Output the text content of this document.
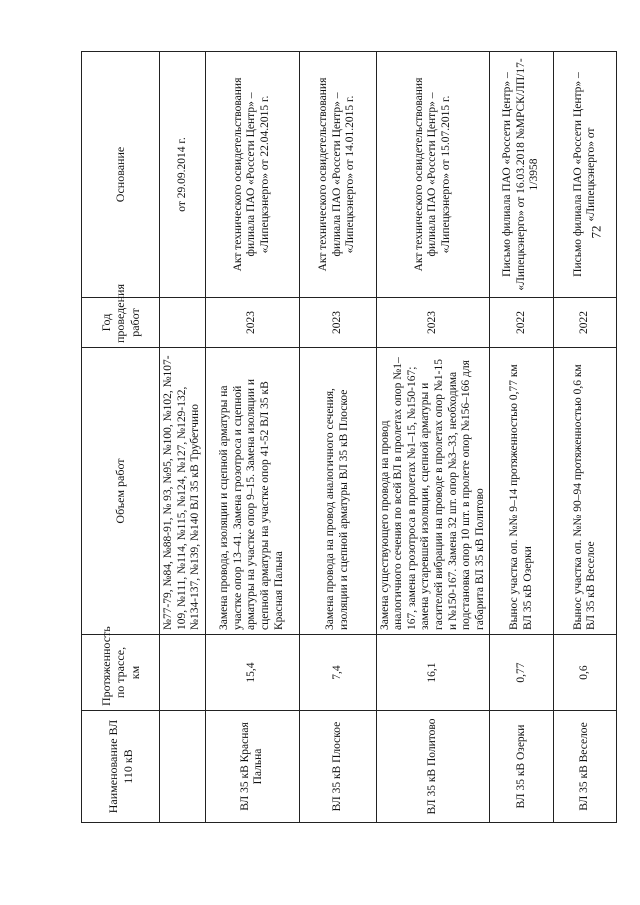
Наименование ВЛ 110 кВ	Протяженность по трассе, км	Объем работ	Год проведения работ	Основание
		№77-79, №84, №88-91, № 93, №95, №100, №102, №107-109, №111, №114, №115, №124, №127, №129-132, №134-137, №139, №140 ВЛ 35 кВ Трубетчино		от 29.09.2014 г.
ВЛ 35 кВ Красная Пальна	15,4	Замена провода, изоляции и сцепной арматуры на участке опор 13–41. Замена грозотроса и сцепной арматуры на участке опор 9–15. Замена изоляции и сцепной арматуры на участке опор 41-52 ВЛ 35 кВ Красная Пальна	2023	Акт технического освидетельствования филиала ПАО «Россети Центр» – «Липецкэнерго» от 22.04.2015 г.
ВЛ 35 кВ Плоское	7,4	Замена провода на провод аналогичного сечения, изоляции и сцепной арматуры ВЛ 35 кВ Плоское	2023	Акт технического освидетельствования филиала ПАО «Россети Центр» – «Липецкэнерго» от 14.01.2015 г.
ВЛ 35 кВ Политово	16,1	Замена существующего провода на провод аналогичного сечения по всей ВЛ в пролетах опор №1–167, замена грозотроса в пролетах №1–15, №150-167; замена устаревшей изоляции, сцепной арматуры и гасителей вибрации на проводе в пролетах опор №1-15 и №150-167. Замена 32 шт. опор №3–33, необходима подстановка опор 10 шт. в пролете опор №156–166 для габарита ВЛ 35 кВ Политово	2023	Акт технического освидетельствования филиала ПАО «Россети Центр» – «Липецкэнерго» от 15.07.2015 г.
ВЛ 35 кВ Озерки	0,77	Вынос участка оп. №№ 9–14 протяженностью 0,77 км ВЛ 35 кВ Озерки	2022	Письмо филиала ПАО «Россети Центр» – «Липецкэнерго» от 16.03.2018 №МРСК/ЛП/17-1/3958
ВЛ 35 кВ Веселое	0,6	Вынос участка оп. №№ 90–94 протяженностью 0,6 км ВЛ 35 кВ Веселое	2022	Письмо филиала ПАО «Россети Центр» – «Липецкэнерго» от
72
